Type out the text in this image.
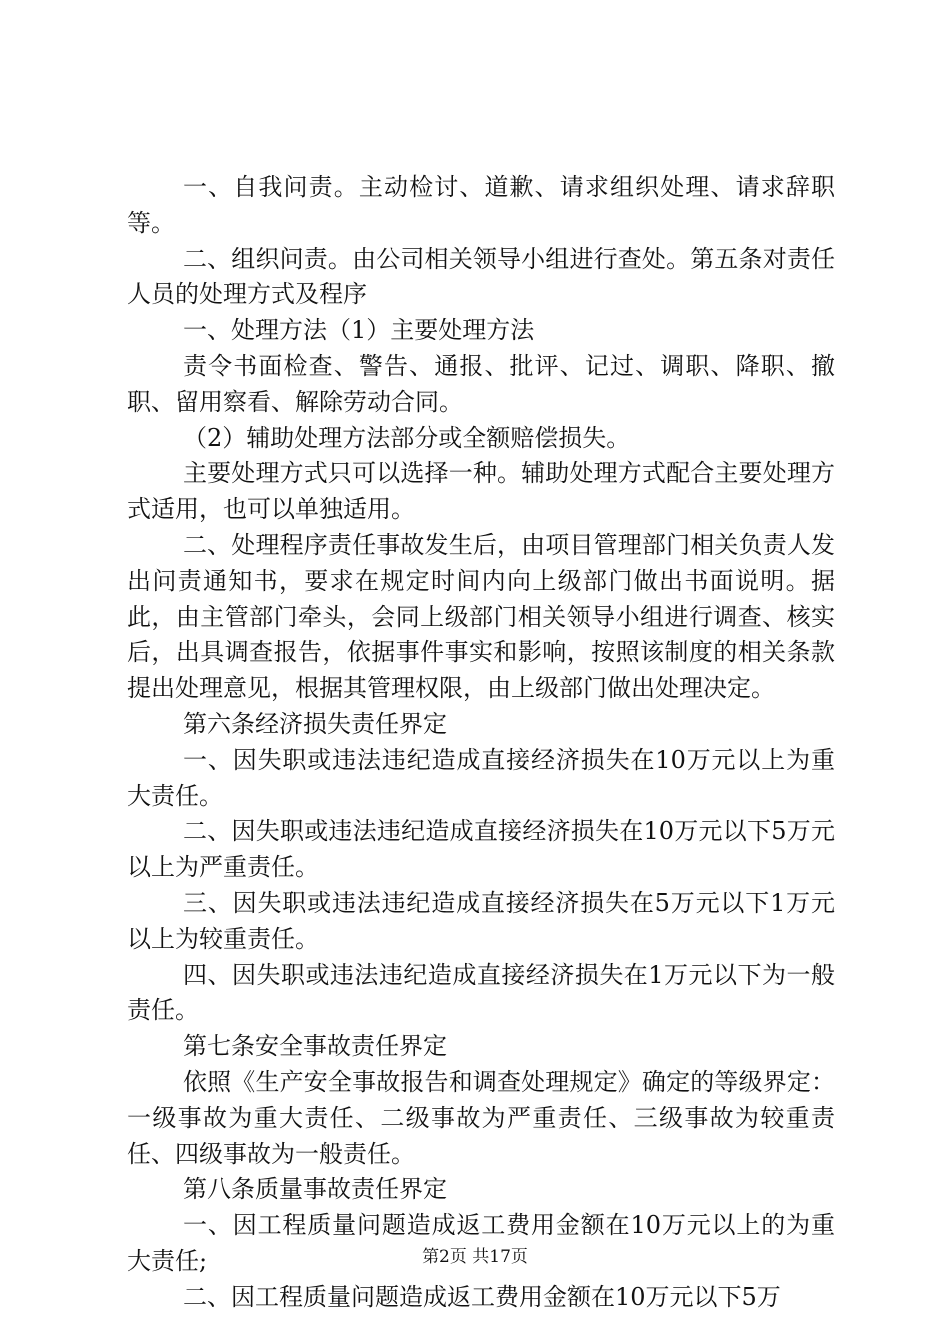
一、自我问责。主动检讨、道歉、请求组织处理、请求辞职等。

二、组织问责。由公司相关领导小组进行查处。第五条对责任人员的处理方式及程序

一、处理方法（1）主要处理方法

责令书面检查、警告、通报、批评、记过、调职、降职、撤职、留用察看、解除劳动合同。

（2）辅助处理方法部分或全额赔偿损失。

主要处理方式只可以选择一种。辅助处理方式配合主要处理方式适用，也可以单独适用。

二、处理程序责任事故发生后，由项目管理部门相关负责人发出问责通知书，要求在规定时间内向上级部门做出书面说明。据此，由主管部门牵头，会同上级部门相关领导小组进行调查、核实后，出具调查报告，依据事件事实和影响，按照该制度的相关条款提出处理意见，根据其管理权限，由上级部门做出处理决定。

第六条经济损失责任界定

一、因失职或违法违纪造成直接经济损失在10万元以上为重大责任。

二、因失职或违法违纪造成直接经济损失在10万元以下5万元以上为严重责任。

三、因失职或违法违纪造成直接经济损失在5万元以下1万元以上为较重责任。

四、因失职或违法违纪造成直接经济损失在1万元以下为一般责任。

第七条安全事故责任界定

依照《生产安全事故报告和调查处理规定》确定的等级界定：一级事故为重大责任、二级事故为严重责任、三级事故为较重责任、四级事故为一般责任。

第八条质量事故责任界定

一、因工程质量问题造成返工费用金额在10万元以上的为重大责任;

二、因工程质量问题造成返工费用金额在10万元以下5万

第2页 共17页
